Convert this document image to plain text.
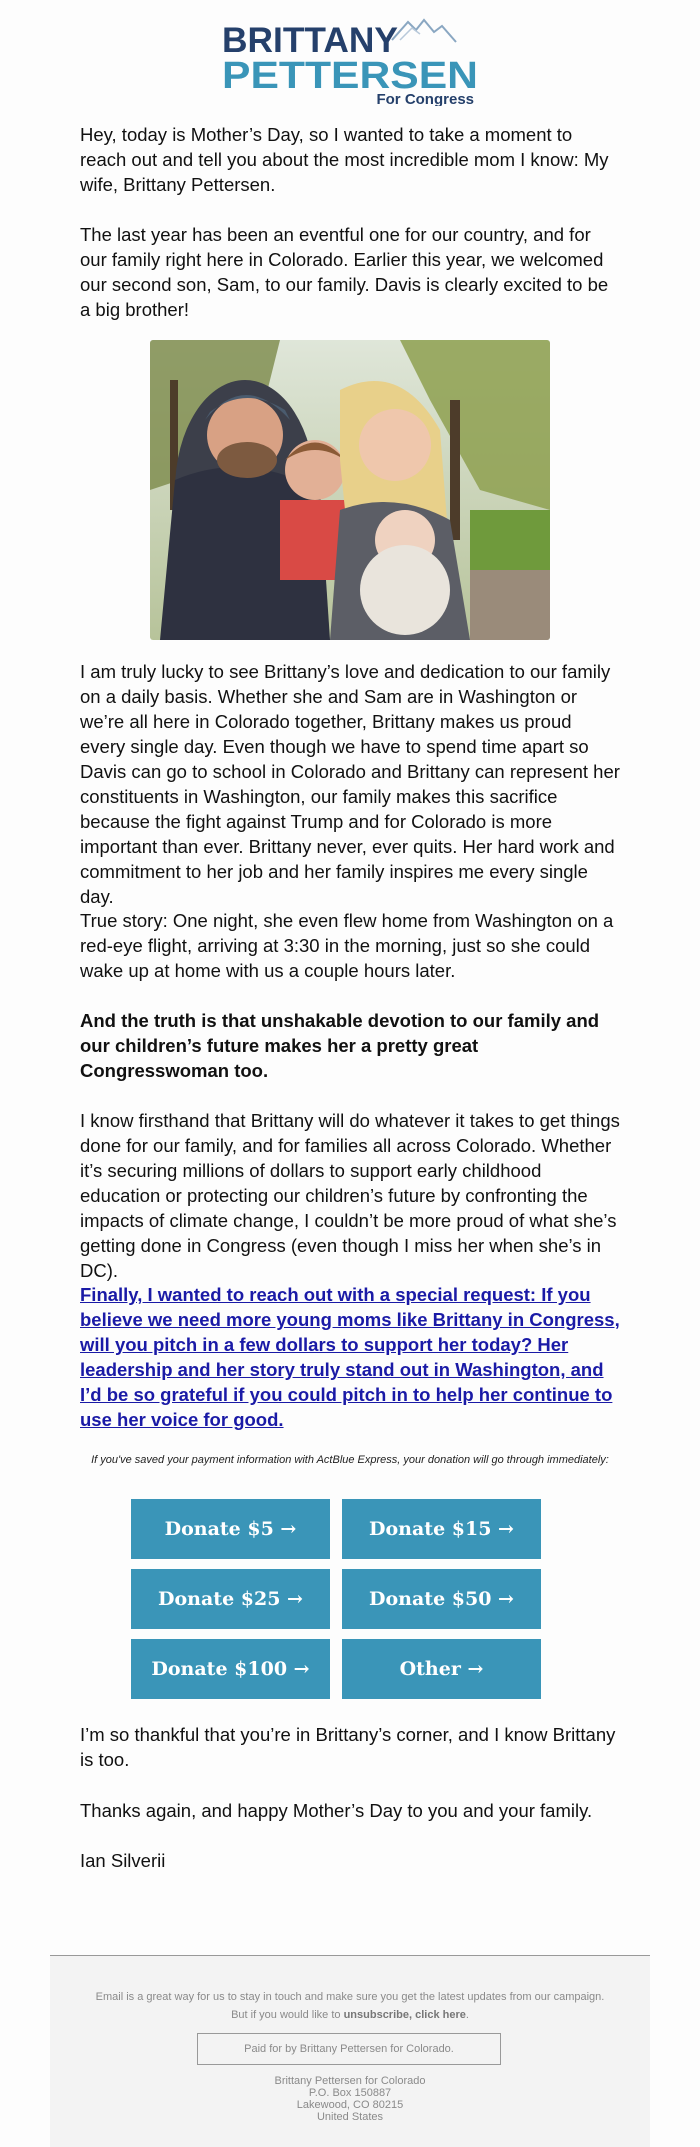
BRITTANY
PETTERSEN
For Congress

Hey, today is Mother’s Day, so I wanted to take a moment to reach out and tell you about the most incredible mom I know: My wife, Brittany Pettersen.

The last year has been an eventful one for our country, and for our family right here in Colorado. Earlier this year, we welcomed our second son, Sam, to our family. Davis is clearly excited to be a big brother!

I am truly lucky to see Brittany’s love and dedication to our family on a daily basis. Whether she and Sam are in Washington or we’re all here in Colorado together, Brittany makes us proud every single day. Even though we have to spend time apart so Davis can go to school in Colorado and Brittany can represent her constituents in Washington, our family makes this sacrifice because the fight against Trump and for Colorado is more important than ever. Brittany never, ever quits. Her hard work and commitment to her job and her family inspires me every single day.

True story: One night, she even flew home from Washington on a red-eye flight, arriving at 3:30 in the morning, just so she could wake up at home with us a couple hours later.

And the truth is that unshakable devotion to our family and our children’s future makes her a pretty great Congresswoman too.

I know firsthand that Brittany will do whatever it takes to get things done for our family, and for families all across Colorado. Whether it’s securing millions of dollars to support early childhood education or protecting our children’s future by confronting the impacts of climate change, I couldn’t be more proud of what she’s getting done in Congress (even though I miss her when she’s in DC).

Finally, I wanted to reach out with a special request: If you believe we need more young moms like Brittany in Congress, will you pitch in a few dollars to support her today? Her leadership and her story truly stand out in Washington, and I’d be so grateful if you could pitch in to help her continue to use her voice for good.

If you've saved your payment information with ActBlue Express, your donation will go through immediately:
Donate $5 →	Donate $15 →
Donate $25 →	Donate $50 →
Donate $100 →	Other →

I’m so thankful that you’re in Brittany’s corner, and I know Brittany is too.

Thanks again, and happy Mother’s Day to you and your family.

Ian Silverii

Email is a great way for us to stay in touch and make sure you get the latest updates from our campaign.
But if you would like to unsubscribe, click here.
Paid for by Brittany Pettersen for Colorado.
Brittany Pettersen for Colorado
P.O. Box 150887
Lakewood, CO 80215
United States
